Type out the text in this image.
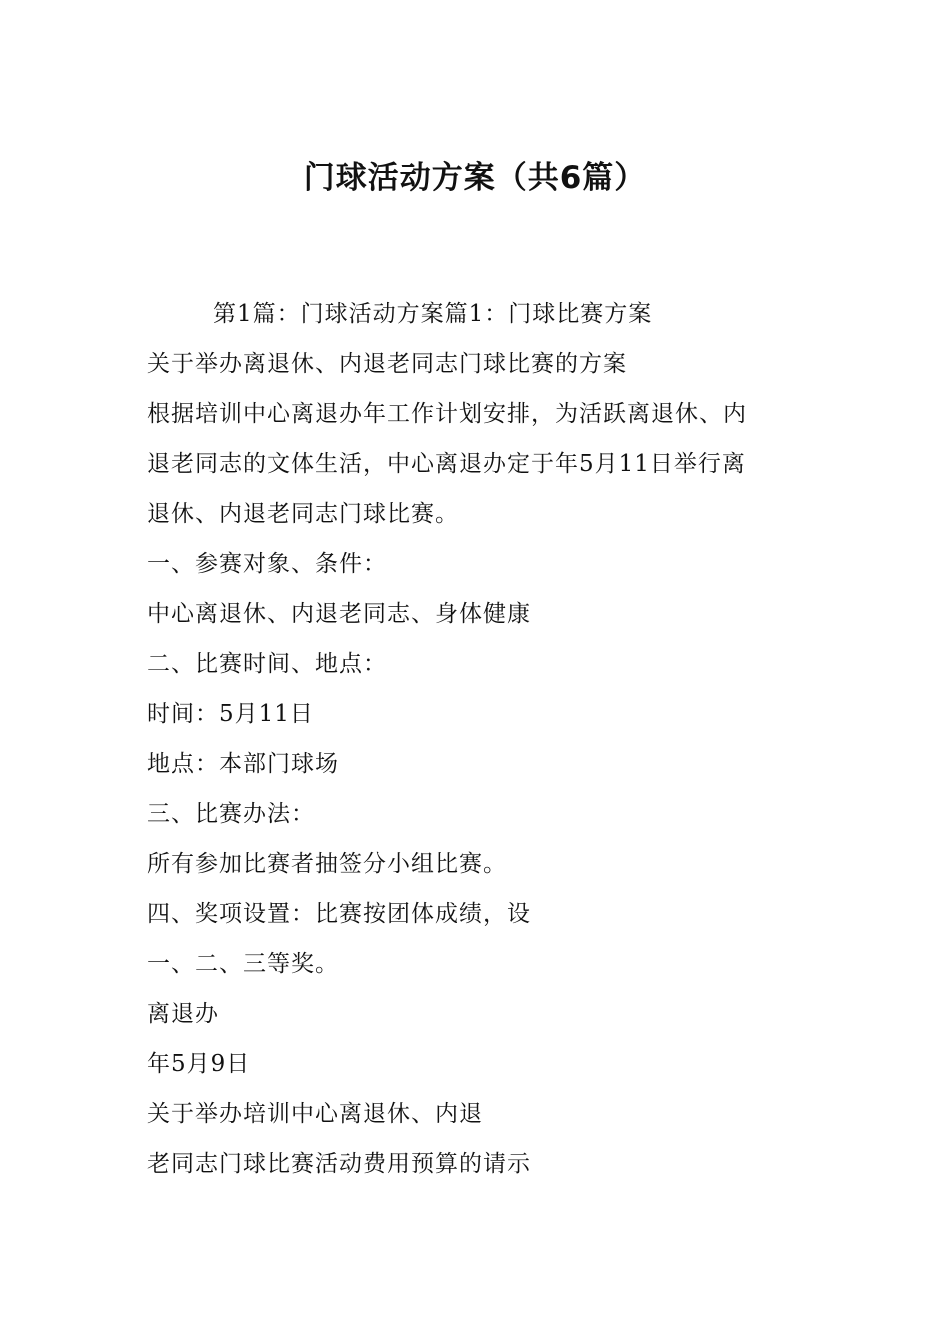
门球活动方案（共6篇）
第1篇：门球活动方案篇1：门球比赛方案
关于举办离退休、内退老同志门球比赛的方案
根据培训中心离退办年工作计划安排，为活跃离退休、内
退老同志的文体生活，中心离退办定于年5月11日举行离
退休、内退老同志门球比赛。
一、参赛对象、条件：
中心离退休、内退老同志、身体健康
二、比赛时间、地点：
时间：5月11日
地点：本部门球场
三、比赛办法：
所有参加比赛者抽签分小组比赛。
四、奖项设置：比赛按团体成绩，设
一、二、三等奖。
离退办
年5月9日
关于举办培训中心离退休、内退
老同志门球比赛活动费用预算的请示
